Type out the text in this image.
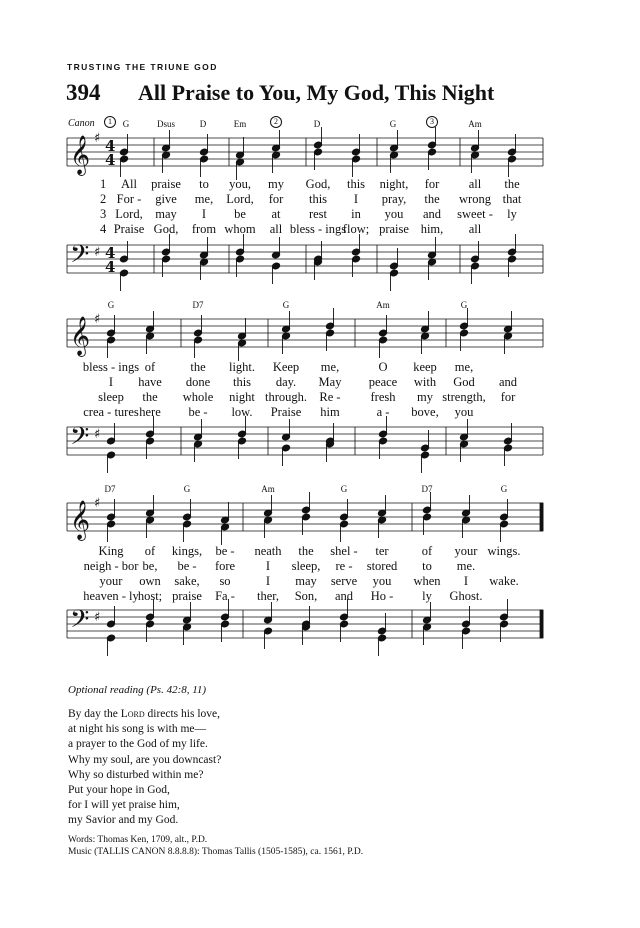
TRUSTING THE TRIUNE GOD
394 All Praise to You, My God, This Night
Canon
𝄞
𝄢
♯
♯
4
4
4
4
𝄞
𝄢
♯
♯
𝄞
𝄢
♯
♯
1	2	3
G	Dsus	D	Em	D	G	Am
G	D7	G	Am	G
D7	G	Am	G	D7	G
1
2
3
4
All praise to you, my God, this night, for all the
For - give me, Lord, for this I pray, the wrong that
Lord, may I be at rest in you and sweet - ly
Praise God, from whom all bless - ings
flow; praise him, all
bless - ings of	the light. Keep me,	O keep me,
I have done this day. May peace with God and
sleep the whole night through. Re - fresh my strength, for
crea - tures here be - low. Praise him	a - bove, you
King of kings, be - neath the shel - ter	of your wings.
neigh - bor be, be - fore I sleep, re - stored to me.
your own sake, so	I may serve you when I wake.
heaven - ly host; praise Fa - ther, Son, and Ho - ly Ghost.
Optional reading (Ps. 42:8, 11)
By day the Lord directs his love,
at night his song is with me—
a prayer to the God of my life.
Why my soul, are you downcast?
Why so disturbed within me?
Put your hope in God,
for I will yet praise him,
my Savior and my God.
Words: Thomas Ken, 1709, alt., P.D.
Music (TALLIS CANON 8.8.8.8): Thomas Tallis (1505-1585), ca. 1561, P.D.
